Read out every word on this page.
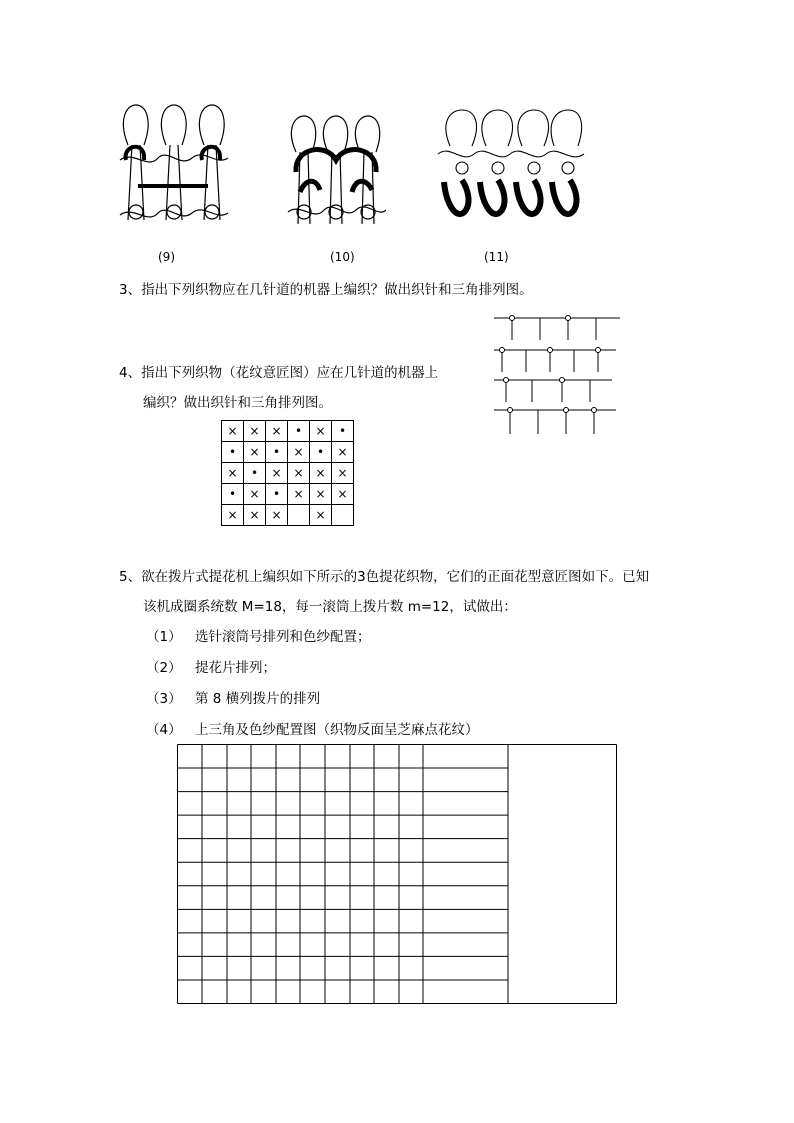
(9)	(10)	(11)
3、指出下列织物应在几针道的机器上编织？做出织针和三角排列图。
4、指出下列织物（花纹意匠图）应在几针道的机器上
编织？做出织针和三角排列图。
×	×	×	•	×	•
•	×	•	×	•	×
×	•	×	×	×	×
•	×	•	×	×	×
×	×	×		×	
5、欲在拨片式提花机上编织如下所示的3色提花织物，它们的正面花型意匠图如下。已知
该机成圈系统数 M=18，每一滚筒上拨片数 m=12，试做出：
（1） 选针滚筒号排列和色纱配置；
（2） 提花片排列；
（3） 第 8 横列拨片的排列
（4） 上三角及色纱配置图（织物反面呈芝麻点花纹）
